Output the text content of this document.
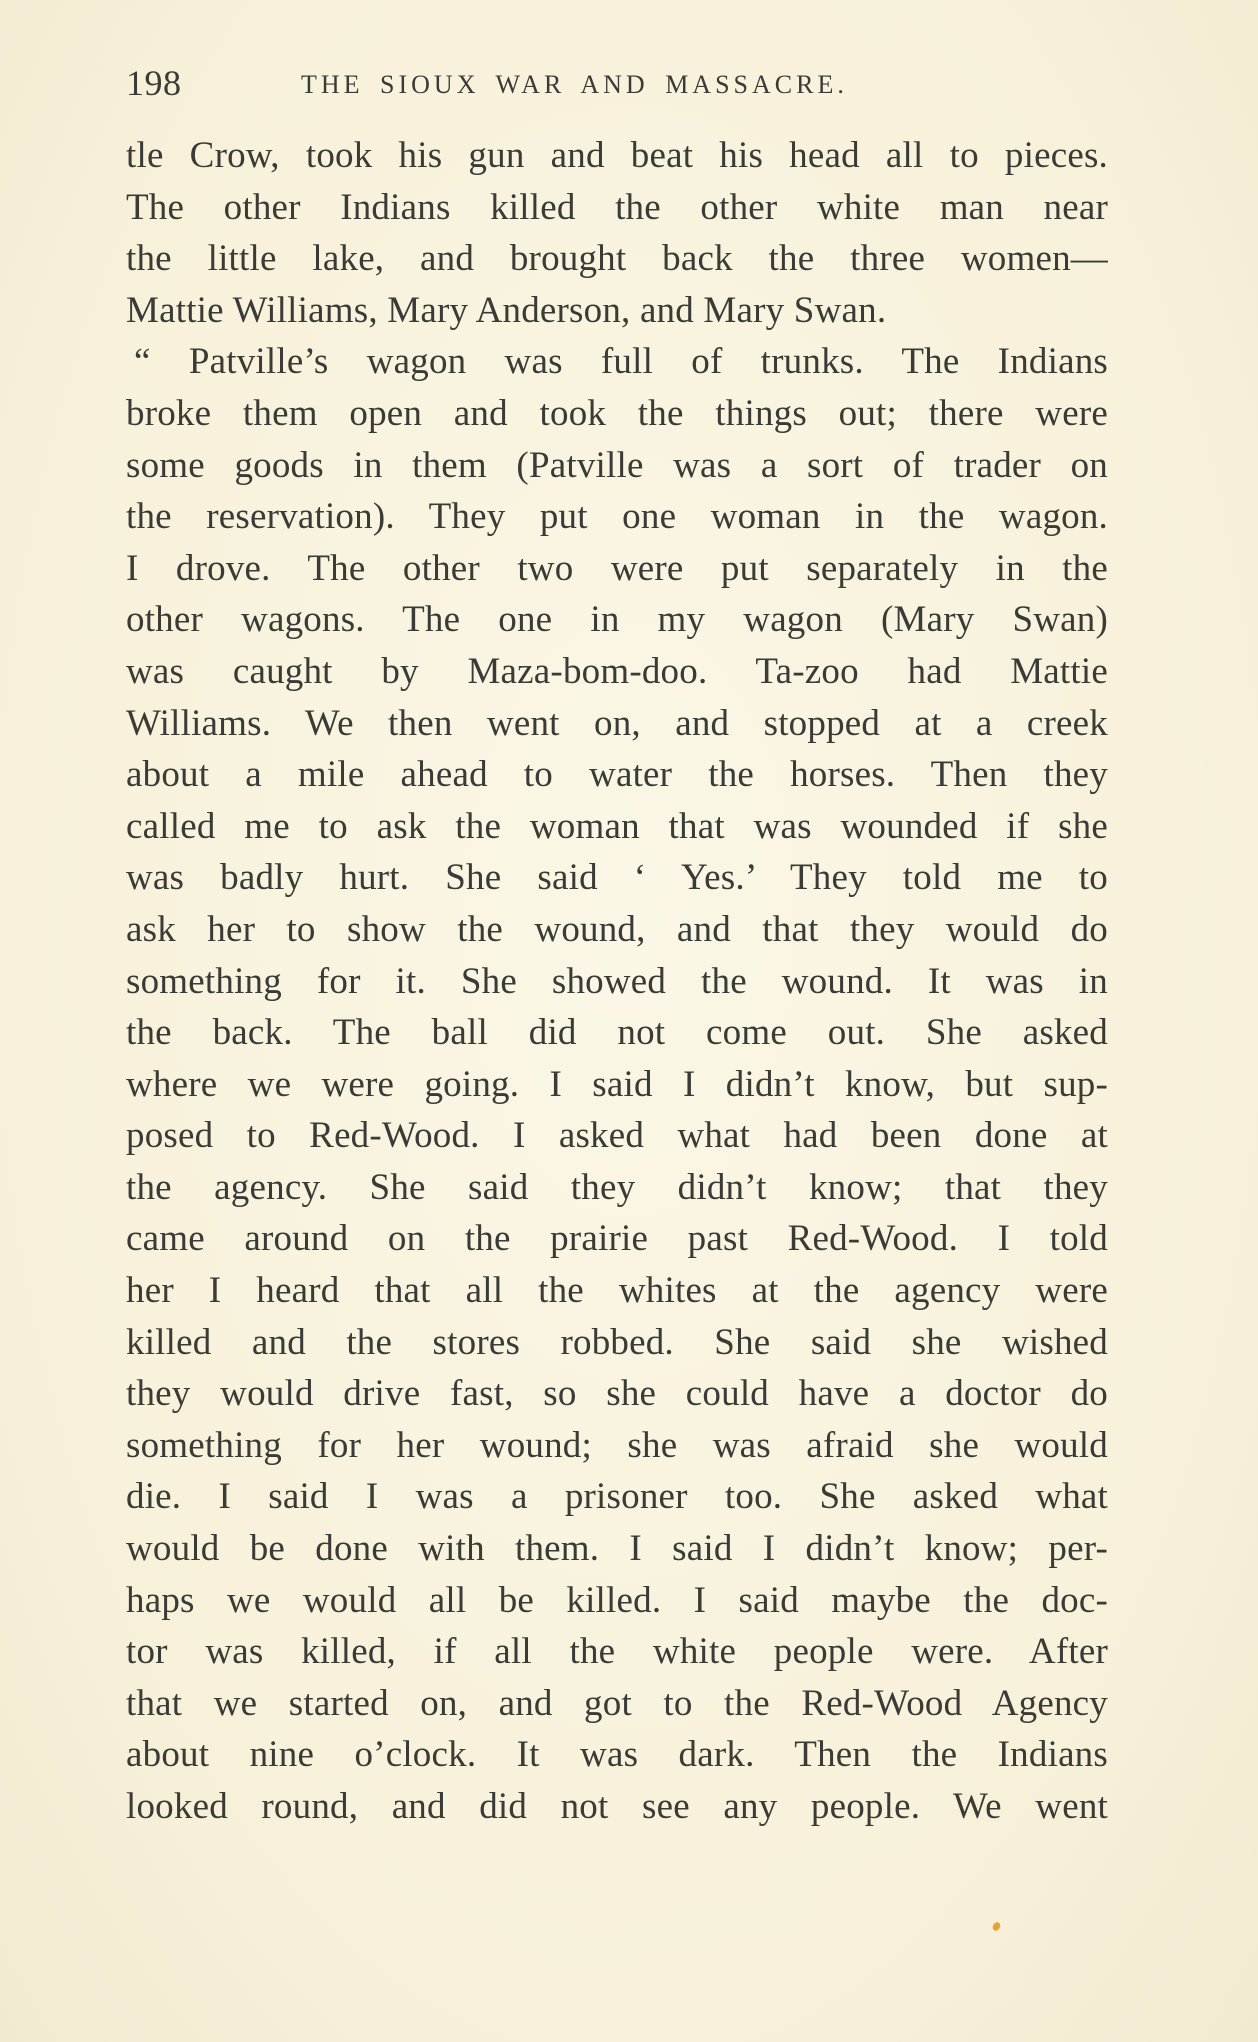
198	THE SIOUX WAR AND MASSACRE.
tle Crow, took his gun and beat his head all to pieces.
The other Indians killed the other white man near
the little lake, and brought back the three women—
Mattie Williams, Mary Anderson, and Mary Swan.
“ Patville’s wagon was full of trunks. The Indians
broke them open and took the things out; there were
some goods in them (Patville was a sort of trader on
the reservation). They put one woman in the wagon.
I drove. The other two were put separately in the
other wagons. The one in my wagon (Mary Swan)
was caught by Maza-bom-doo. Ta-zoo had Mattie
Williams. We then went on, and stopped at a creek
about a mile ahead to water the horses. Then they
called me to ask the woman that was wounded if she
was badly hurt. She said ‘ Yes.’ They told me to
ask her to show the wound, and that they would do
something for it. She showed the wound. It was in
the back. The ball did not come out. She asked
where we were going. I said I didn’t know, but sup-
posed to Red-Wood. I asked what had been done at
the agency. She said they didn’t know; that they
came around on the prairie past Red-Wood. I told
her I heard that all the whites at the agency were
killed and the stores robbed. She said she wished
they would drive fast, so she could have a doctor do
something for her wound; she was afraid she would
die. I said I was a prisoner too. She asked what
would be done with them. I said I didn’t know; per-
haps we would all be killed. I said maybe the doc-
tor was killed, if all the white people were. After
that we started on, and got to the Red-Wood Agency
about nine o’clock. It was dark. Then the Indians
looked round, and did not see any people. We went
